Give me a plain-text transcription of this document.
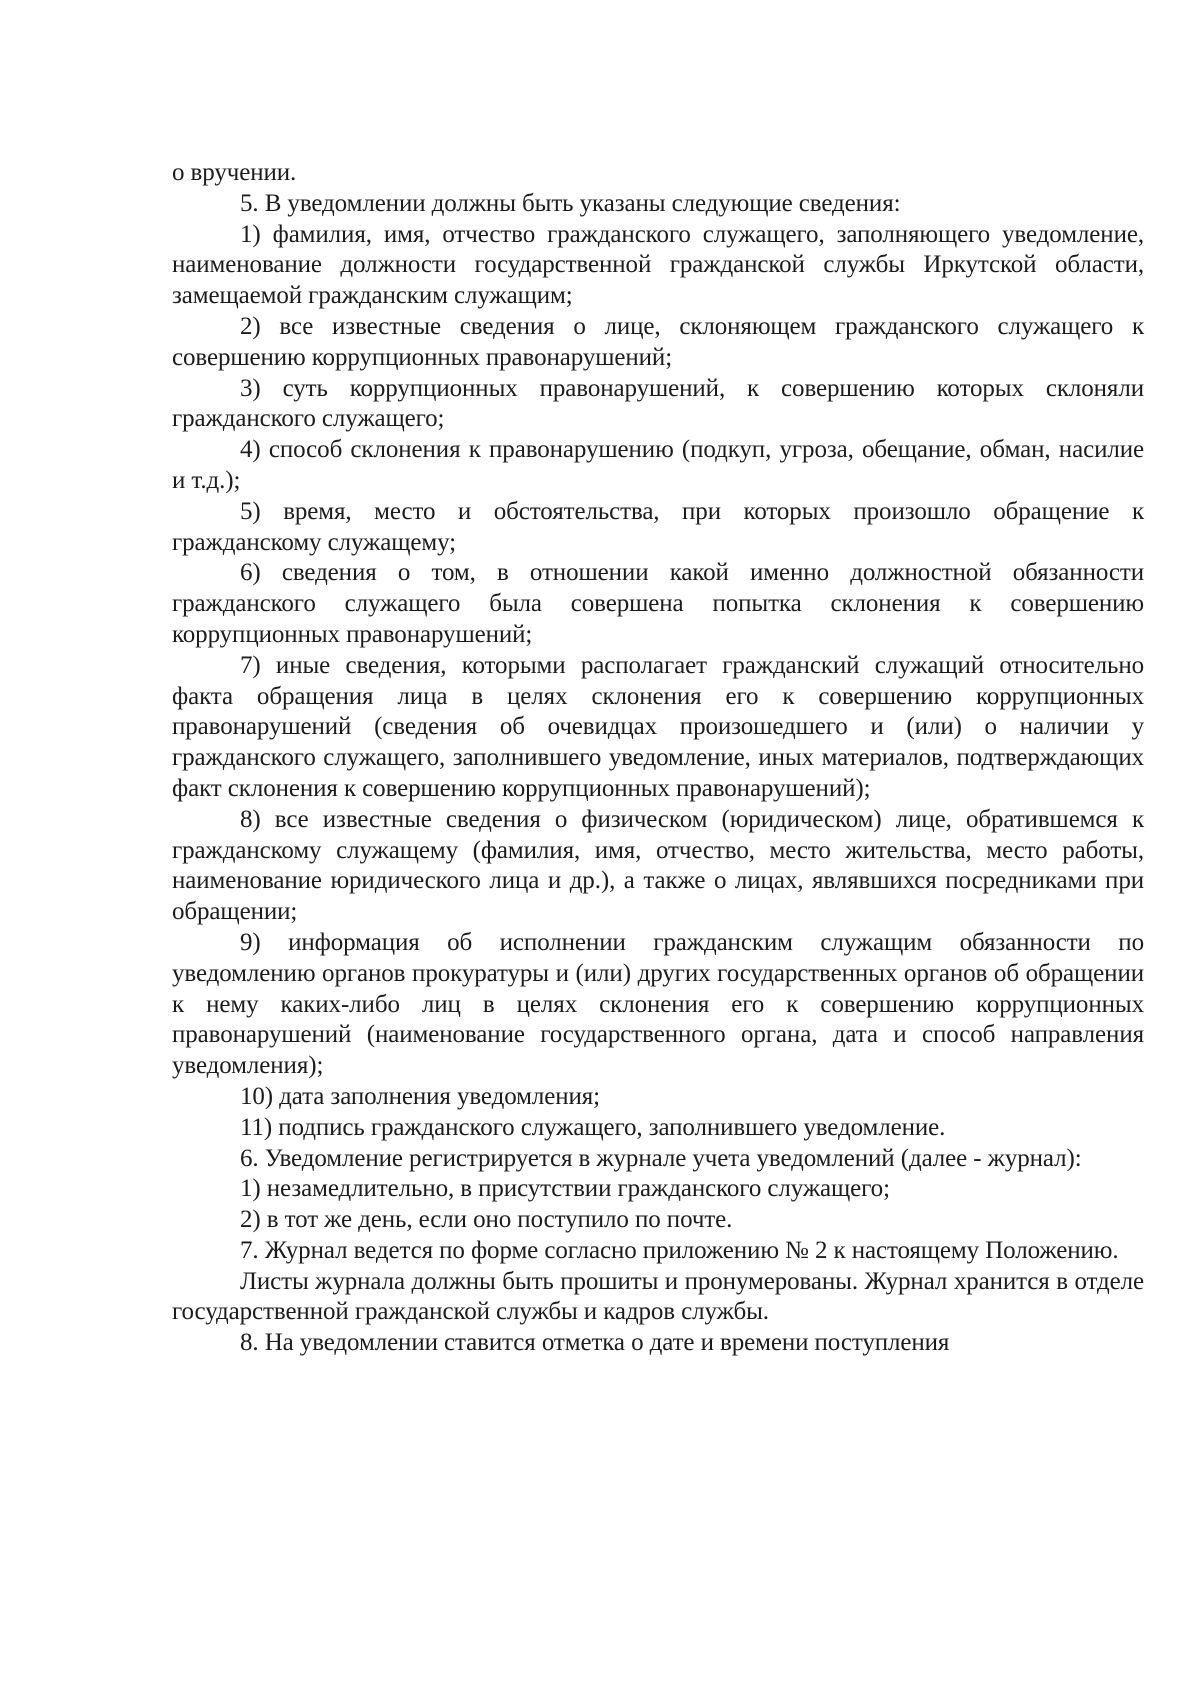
о вручении.

5. В уведомлении должны быть указаны следующие сведения:

1) фамилия, имя, отчество гражданского служащего, заполняющего уведомление, наименование должности государственной гражданской службы Иркутской области, замещаемой гражданским служащим;

2) все известные сведения о лице, склоняющем гражданского служащего к совершению коррупционных правонарушений;

3) суть коррупционных правонарушений, к совершению которых склоняли гражданского служащего;

4) способ склонения к правонарушению (подкуп, угроза, обещание, обман, насилие и т.д.);

5) время, место и обстоятельства, при которых произошло обращение к гражданскому служащему;

6) сведения о том, в отношении какой именно должностной обязанности гражданского служащего была совершена попытка склонения к совершению коррупционных правонарушений;

7) иные сведения, которыми располагает гражданский служащий относительно факта обращения лица в целях склонения его к совершению коррупционных правонарушений (сведения об очевидцах произошедшего и (или) о наличии у гражданского служащего, заполнившего уведомление, иных материалов, подтверждающих факт склонения к совершению коррупционных правонарушений);

8) все известные сведения о физическом (юридическом) лице, обратившемся к гражданскому служащему (фамилия, имя, отчество, место жительства, место работы, наименование юридического лица и др.), а также о лицах, являвшихся посредниками при обращении;

9) информация об исполнении гражданским служащим обязанности по уведомлению органов прокуратуры и (или) других государственных органов об обращении к нему каких-либо лиц в целях склонения его к совершению коррупционных правонарушений (наименование государственного органа, дата и способ направления уведомления);

10) дата заполнения уведомления;

11) подпись гражданского служащего, заполнившего уведомление.

6. Уведомление регистрируется в журнале учета уведомлений (далее - журнал):

1) незамедлительно, в присутствии гражданского служащего;

2) в тот же день, если оно поступило по почте.

7. Журнал ведется по форме согласно приложению № 2 к настоящему Положению.

Листы журнала должны быть прошиты и пронумерованы. Журнал хранится в отделе государственной гражданской службы и кадров службы.

8. На уведомлении ставится отметка о дате и времени поступления
